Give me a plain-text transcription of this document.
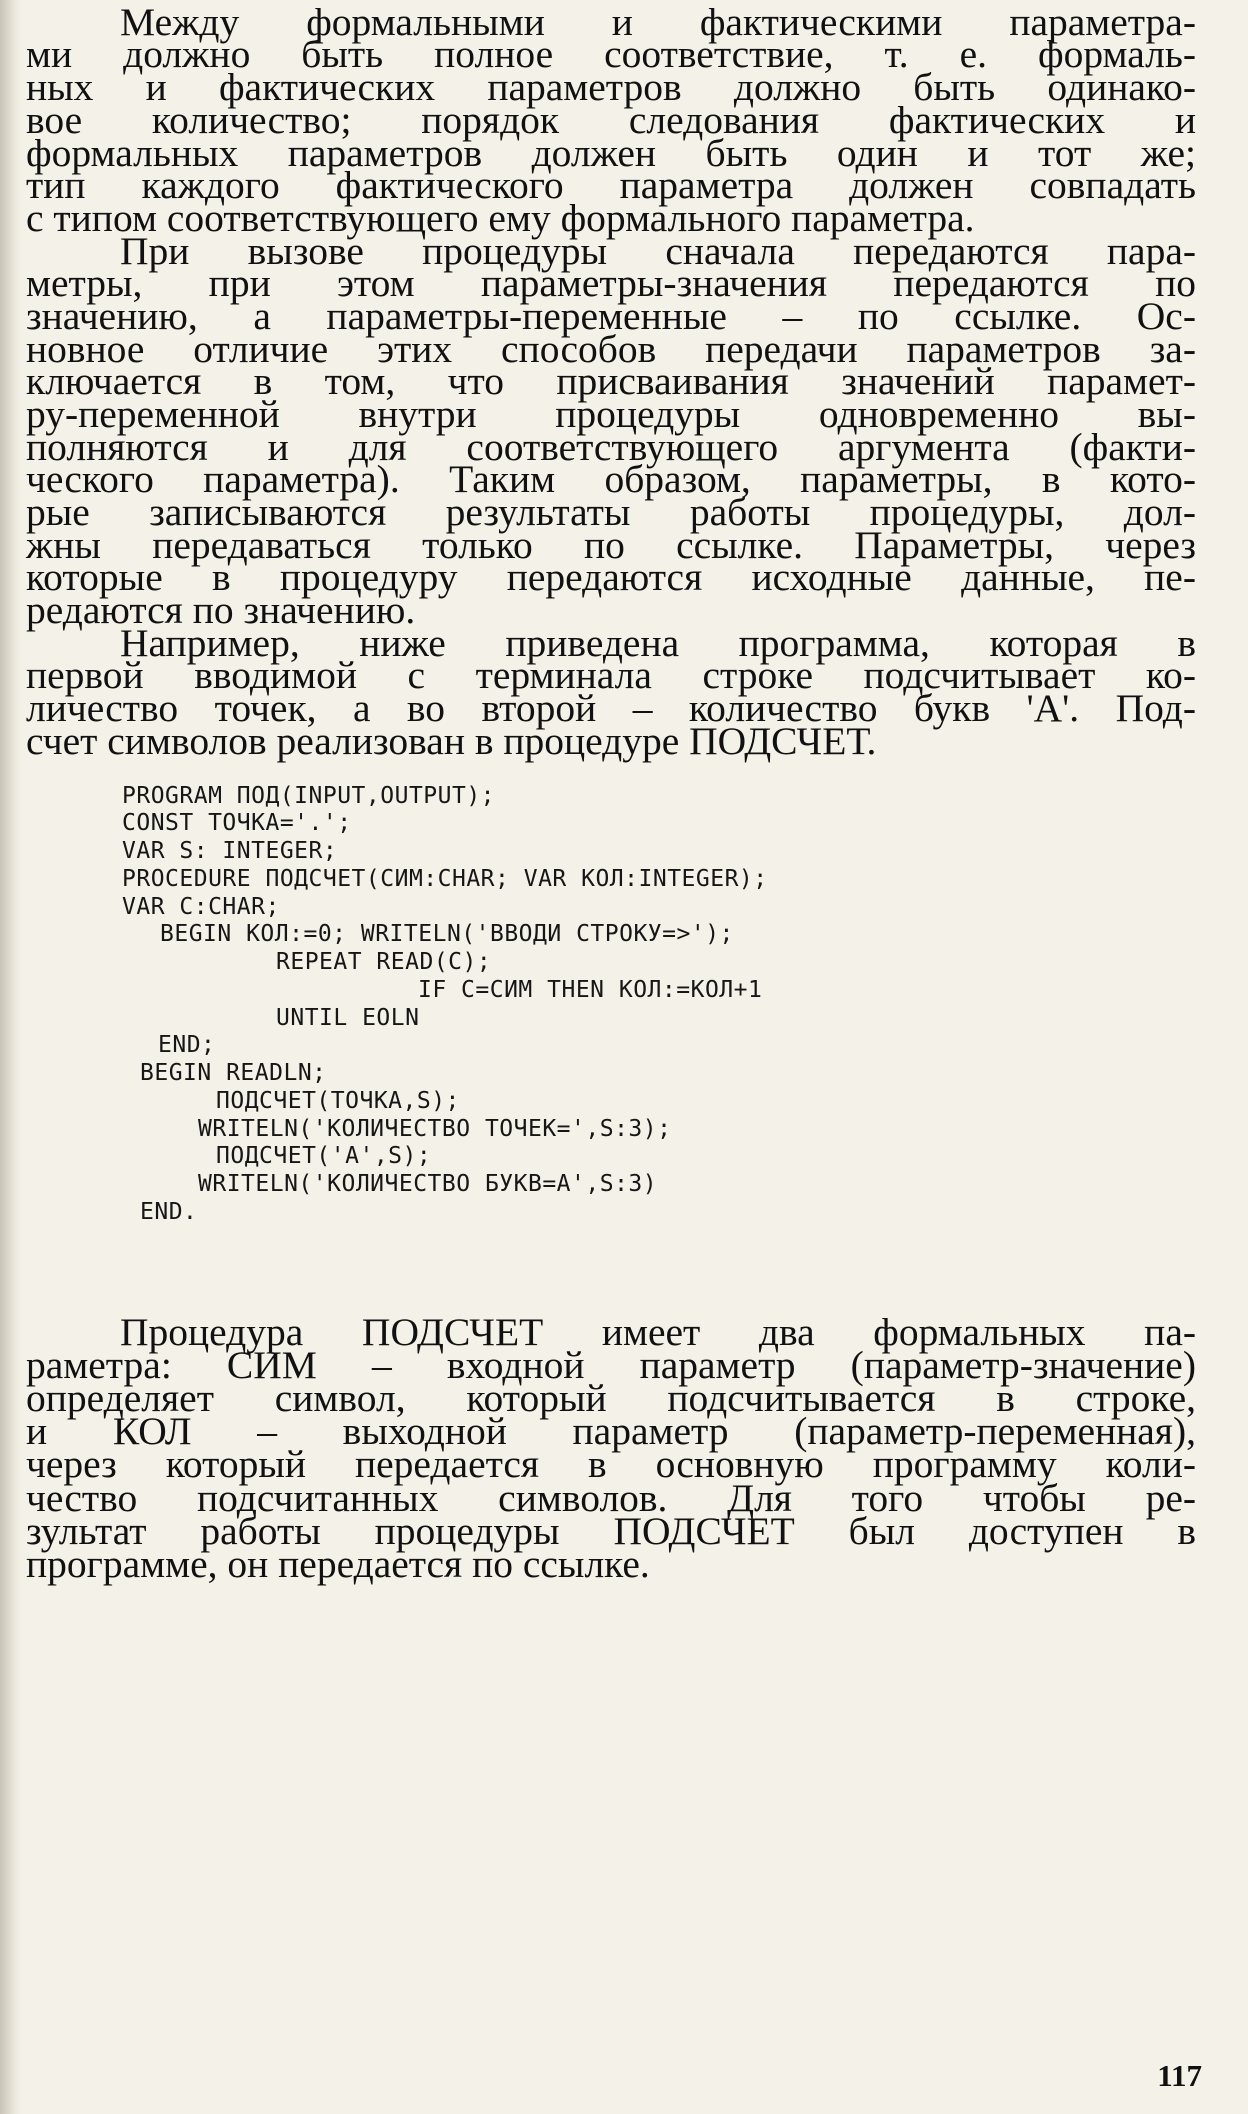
Между формальными и фактическими параметра-
ми должно быть полное соответствие, т. е. формаль-
ных и фактических параметров должно быть одинако-
вое количество; порядок следования фактических и
формальных параметров должен быть один и тот же;
тип каждого фактического параметра должен совпадать
с типом соответствующего ему формального параметра.
При вызове процедуры сначала передаются пара-
метры, при этом параметры-значения передаются по
значению, а параметры-переменные – по ссылке. Ос-
новное отличие этих способов передачи параметров за-
ключается в том, что присваивания значений парамет-
ру-переменной внутри процедуры одновременно вы-
полняются и для соответствующего аргумента (факти-
ческого параметра). Таким образом, параметры, в кото-
рые записываются результаты работы процедуры, дол-
жны передаваться только по ссылке. Параметры, через
которые в процедуру передаются исходные данные, пе-
редаются по значению.
Например, ниже приведена программа, которая в
первой вводимой с терминала строке подсчитывает ко-
личество точек, а во второй – количество букв 'A'. Под-
счет символов реализован в процедуре ПОДСЧЕТ.
PROGRAM ПОД(INPUT,OUTPUT);
CONST ТОЧКА='.';
VAR S: INTEGER;
PROCEDURE ПОДСЧЕТ(СИМ:CHAR; VAR КОЛ:INTEGER);
VAR C:CHAR;
BEGIN КОЛ:=0; WRITELN('ВВОДИ СТРОКУ=>');
REPEAT READ(C);
IF C=СИМ THEN КОЛ:=КОЛ+1
UNTIL EOLN
END;
BEGIN READLN;
ПОДСЧЕТ(ТОЧКА,S);
WRITELN('КОЛИЧЕСТВО ТОЧЕК=',S:3);
ПОДСЧЕТ('A',S);
WRITELN('КОЛИЧЕСТВО БУКВ=A',S:3)
END.
Процедура ПОДСЧЕТ имеет два формальных па-
раметра: СИМ – входной параметр (параметр-значение)
определяет символ, который подсчитывается в строке,
и КОЛ – выходной параметр (параметр-переменная),
через который передается в основную программу коли-
чество подсчитанных символов. Для того чтобы ре-
зультат работы процедуры ПОДСЧЕТ был доступен в
программе, он передается по ссылке.
117
